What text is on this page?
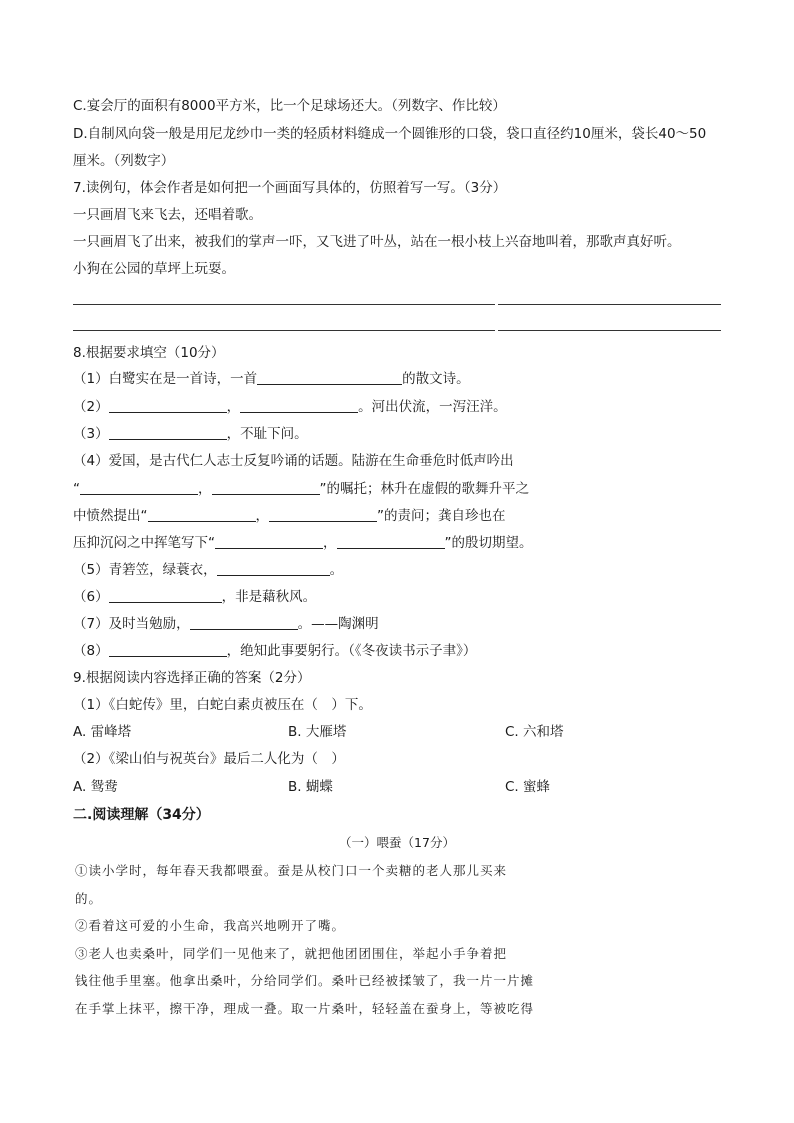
C.宴会厅的面积有8000平方米，比一个足球场还大。（列数字、作比较）
D.自制风向袋一般是用尼龙纱巾一类的轻质材料缝成一个圆锥形的口袋，袋口直径约10厘米，袋长40～50
厘米。（列数字）
7.读例句，体会作者是如何把一个画面写具体的，仿照着写一写。（3分）
一只画眉飞来飞去，还唱着歌。
一只画眉飞了出来，被我们的掌声一吓，又飞进了叶丛，站在一根小枝上兴奋地叫着，那歌声真好听。
小狗在公园的草坪上玩耍。
8.根据要求填空（10分）
（1）白鹭实在是一首诗，一首	的散文诗。
（2）	，	。河出伏流，一泻汪洋。
（3）	，不耻下问。
（4）爱国，是古代仁人志士反复吟诵的话题。陆游在生命垂危时低声吟出
“	，	”的嘱托；林升在虚假的歌舞升平之
中愤然提出“	，	”的责问；龚自珍也在
压抑沉闷之中挥笔写下“	，	”的殷切期望。
（5）青箬笠，绿蓑衣，	。
（6）	，非是藉秋风。
（7）及时当勉励，	。——陶渊明
（8）	，绝知此事要躬行。（《冬夜读书示子聿》）
9.根据阅读内容选择正确的答案（2分）
（1）《白蛇传》里，白蛇白素贞被压在（　）下。
A. 雷峰塔	B. 大雁塔	C. 六和塔
（2）《梁山伯与祝英台》最后二人化为（　）
A. 鸳鸯	B. 蝴蝶	C. 蜜蜂
二.阅读理解（34分）
（一）喂蚕（17分）
①读小学时，每年春天我都喂蚕。蚕是从校门口一个卖糖的老人那儿买来
的。
②看着这可爱的小生命，我高兴地咧开了嘴。
③老人也卖桑叶，同学们一见他来了，就把他团团围住，举起小手争着把
钱往他手里塞。他拿出桑叶，分给同学们。桑叶已经被揉皱了，我一片一片摊
在手掌上抹平，擦干净，理成一叠。取一片桑叶，轻轻盖在蚕身上，等被吃得
